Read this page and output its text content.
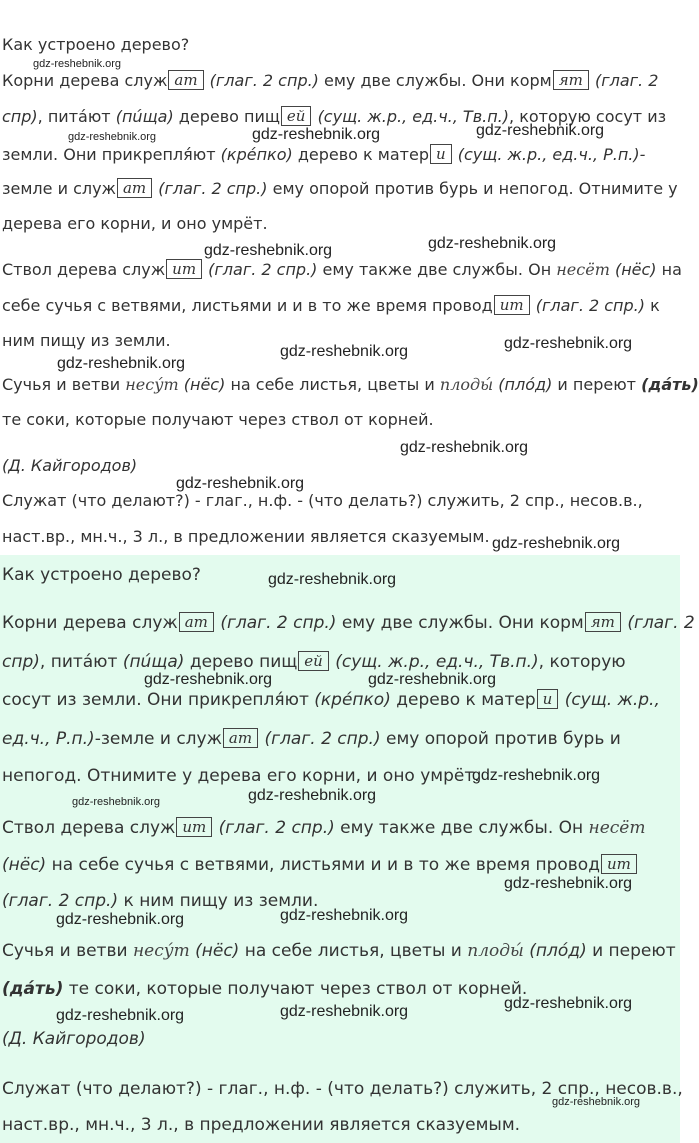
Как устроено дерево?
Корни дерева служ ат (глаг. 2 спр.) ему две службы. Они корм ят (глаг. 2
спр), питáют (пúща) дерево пищ ей (сущ. ж.р., ед.ч., Тв.п.), которую сосут из
земли. Они прикрепля́ют (кре́пко) дерево к матер и (сущ. ж.р., ед.ч., Р.п.)-
земле и служ ат (глаг. 2 спр.) ему опорой против бурь и непогод. Отнимите у
дерева его корни, и оно умрёт.
Ствол дерева служ ит (глаг. 2 спр.) ему также две службы. Он несёт (нёс) на
себе сучья с ветвями, листьями и и в то же время провод ит (глаг. 2 спр.) к
ним пищу из земли.
Сучья и ветви несу́т (нёс) на себе листья, цветы и плоды́ (плóд) и переют (дáть)
те соки, которые получают через ствол от корней.
(Д. Кайгородов)
Служат (что делают?) - глаг., н.ф. - (что делать?) служить, 2 спр., несов.в.,
наст.вр., мн.ч., 3 л., в предложении является сказуемым.
gdz-reshebnik.org
gdz-reshebnik.org	gdz-reshebnik.org	gdz-reshebnik.org
gdz-reshebnik.org	gdz-reshebnik.org
gdz-reshebnik.org
gdz-reshebnik.org	gdz-reshebnik.org
gdz-reshebnik.org
gdz-reshebnik.org
gdz-reshebnik.org
Как устроено дерево?
Корни дерева служ ат (глаг. 2 спр.) ему две службы. Они корм ят (глаг. 2
спр), питáют (пúща) дерево пищ ей (сущ. ж.р., ед.ч., Тв.п.), которую
сосут из земли. Они прикрепля́ют (кре́пко) дерево к матер и (сущ. ж.р.,
ед.ч., Р.п.)-земле и служ ат (глаг. 2 спр.) ему опорой против бурь и
непогод. Отнимите у дерева его корни, и оно умрёт.
Ствол дерева служ ит (глаг. 2 спр.) ему также две службы. Он несёт
(нёс) на себе сучья с ветвями, листьями и и в то же время провод ит
(глаг. 2 спр.) к ним пищу из земли.
Сучья и ветви несу́т (нёс) на себе листья, цветы и плоды́ (плóд) и переют
(дáть) те соки, которые получают через ствол от корней.
(Д. Кайгородов)
Служат (что делают?) - глаг., н.ф. - (что делать?) служить, 2 спр., несов.в.,
наст.вр., мн.ч., 3 л., в предложении является сказуемым.
gdz-reshebnik.org
gdz-reshebnik.org	gdz-reshebnik.org
gdz-reshebnik.org
gdz-reshebnik.org	gdz-reshebnik.org
gdz-reshebnik.org
gdz-reshebnik.org	gdz-reshebnik.org
gdz-reshebnik.org
gdz-reshebnik.org	gdz-reshebnik.org
gdz-reshebnik.org
